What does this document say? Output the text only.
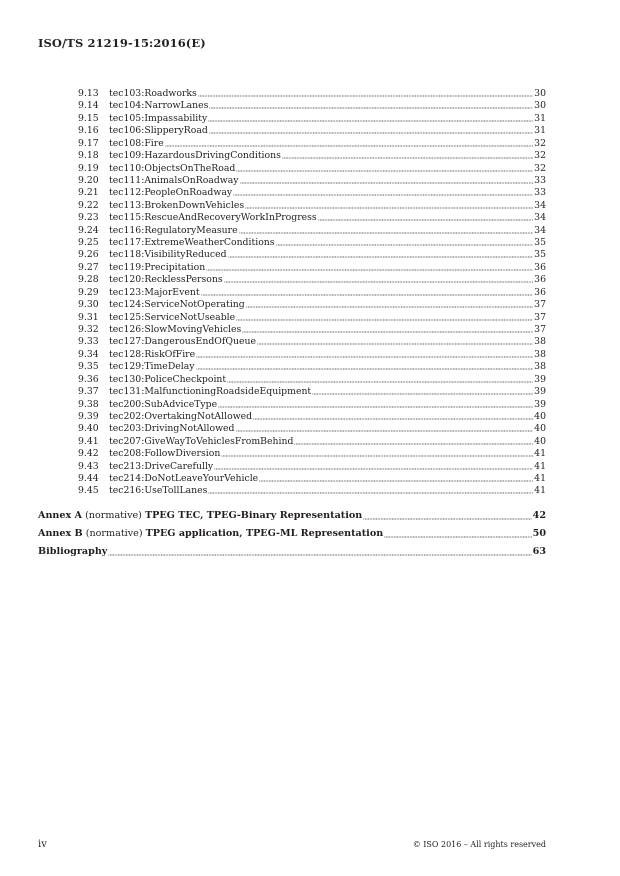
ISO/TS 21219-15:2016(E)
iv	© ISO 2016 – All rights reserved
9.13	tec103:Roadworks	30
9.14	tec104:NarrowLanes	30
9.15	tec105:Impassability	31
9.16	tec106:SlipperyRoad	31
9.17	tec108:Fire	32
9.18	tec109:HazardousDrivingConditions	32
9.19	tec110:ObjectsOnTheRoad	32
9.20	tec111:AnimalsOnRoadway	33
9.21	tec112:PeopleOnRoadway	33
9.22	tec113:BrokenDownVehicles	34
9.23	tec115:RescueAndRecoveryWorkInProgress	34
9.24	tec116:RegulatoryMeasure	34
9.25	tec117:ExtremeWeatherConditions	35
9.26	tec118:VisibilityReduced	35
9.27	tec119:Precipitation	36
9.28	tec120:RecklessPersons	36
9.29	tec123:MajorEvent	36
9.30	tec124:ServiceNotOperating	37
9.31	tec125:ServiceNotUseable	37
9.32	tec126:SlowMovingVehicles	37
9.33	tec127:DangerousEndOfQueue	38
9.34	tec128:RiskOfFire	38
9.35	tec129:TimeDelay	38
9.36	tec130:PoliceCheckpoint	39
9.37	tec131:MalfunctioningRoadsideEquipment	39
9.38	tec200:SubAdviceType	39
9.39	tec202:OvertakingNotAllowed	40
9.40	tec203:DrivingNotAllowed	40
9.41	tec207:GiveWayToVehiclesFromBehind	40
9.42	tec208:FollowDiversion	41
9.43	tec213:DriveCarefully	41
9.44	tec214:DoNotLeaveYourVehicle	41
9.45	tec216:UseTollLanes	41
Annex A (normative) TPEG TEC, TPEG-Binary Representation	42
Annex B (normative) TPEG application, TPEG-ML Representation	50
Bibliography	63
